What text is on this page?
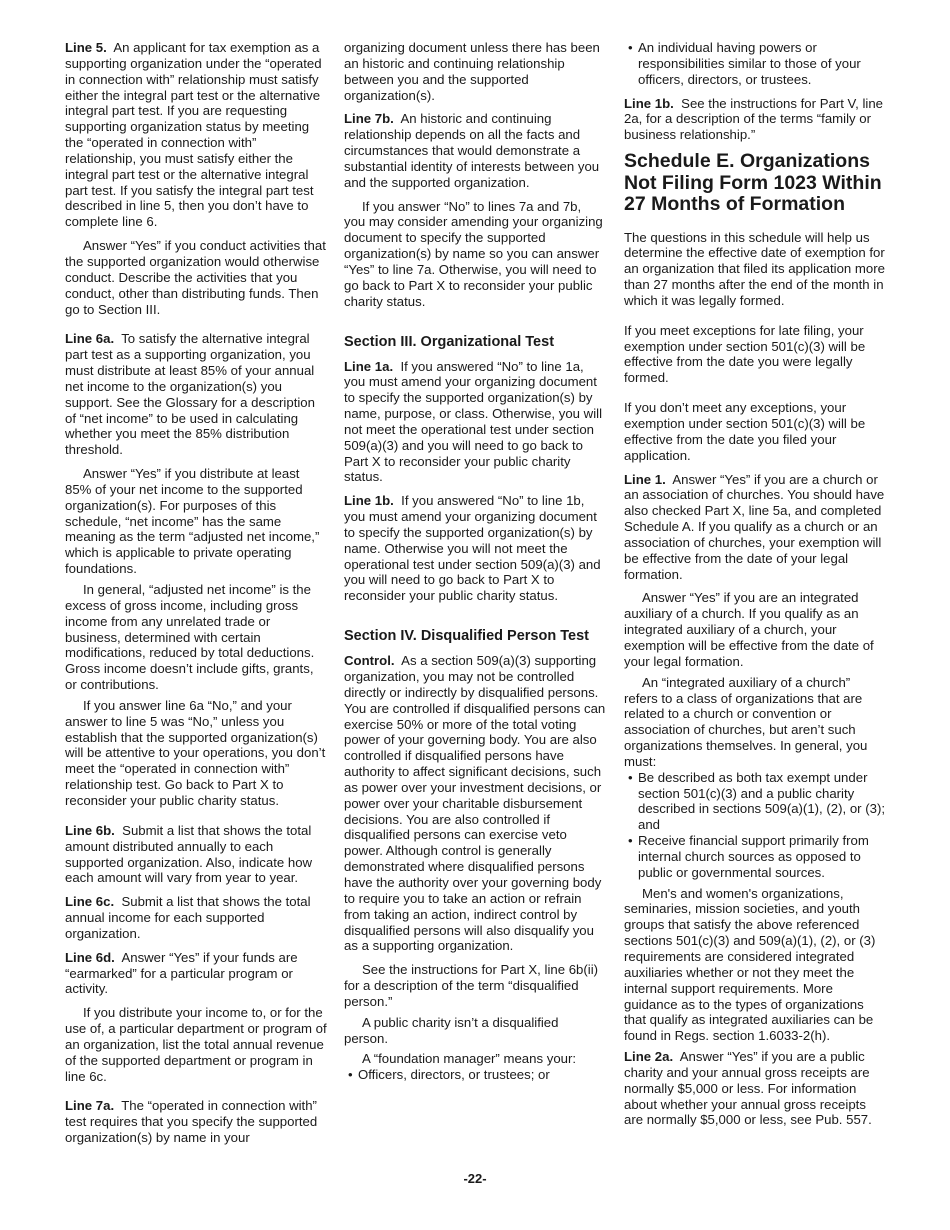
Line 5. An applicant for tax exemption as a supporting organization under the “operated in connection with” relationship must satisfy either the integral part test or the alternative integral part test. If you are requesting supporting organization status by meeting the “operated in connection with” relationship, you must satisfy either the integral part test or the alternative integral part test. If you satisfy the integral part test described in line 5, then you don’t have to complete line 6.

Answer “Yes” if you conduct activities that the supported organization would otherwise conduct. Describe the activities that you conduct, other than distributing funds. Then go to Section III.

Line 6a. To satisfy the alternative integral part test as a supporting organization, you must distribute at least 85% of your annual net income to the organization(s) you support. See the Glossary for a description of “net income” to be used in calculating whether you meet the 85% distribution threshold.

Answer “Yes” if you distribute at least 85% of your net income to the supported organization(s). For purposes of this schedule, “net income” has the same meaning as the term “adjusted net income,” which is applicable to private operating foundations.

In general, “adjusted net income” is the excess of gross income, including gross income from any unrelated trade or business, determined with certain modifications, reduced by total deductions. Gross income doesn’t include gifts, grants, or contributions.

If you answer line 6a “No,” and your answer to line 5 was “No,” unless you establish that the supported organization(s) will be attentive to your operations, you don’t meet the “operated in connection with” relationship test. Go back to Part X to reconsider your public charity status.

Line 6b. Submit a list that shows the total amount distributed annually to each supported organization. Also, indicate how each amount will vary from year to year.

Line 6c. Submit a list that shows the total annual income for each supported organization.

Line 6d. Answer “Yes” if your funds are “earmarked” for a particular program or activity.

If you distribute your income to, or for the use of, a particular department or program of an organization, list the total annual revenue of the supported department or program in line 6c.

Line 7a. The “operated in connection with” test requires that you specify the supported organization(s) by name in your

organizing document unless there has been an historic and continuing relationship between you and the supported organization(s).

Line 7b. An historic and continuing relationship depends on all the facts and circumstances that would demonstrate a substantial identity of interests between you and the supported organization.

If you answer “No” to lines 7a and 7b, you may consider amending your organizing document to specify the supported organization(s) by name so you can answer “Yes” to line 7a. Otherwise, you will need to go back to Part X to reconsider your public charity status.

Section III. Organizational Test

Line 1a. If you answered “No” to line 1a, you must amend your organizing document to specify the supported organization(s) by name, purpose, or class. Otherwise, you will not meet the operational test under section 509(a)(3) and you will need to go back to Part X to reconsider your public charity status.

Line 1b. If you answered “No” to line 1b, you must amend your organizing document to specify the supported organization(s) by name. Otherwise you will not meet the operational test under section 509(a)(3) and you will need to go back to Part X to reconsider your public charity status.

Section IV. Disqualified Person Test

Control. As a section 509(a)(3) supporting organization, you may not be controlled directly or indirectly by disqualified persons. You are controlled if disqualified persons can exercise 50% or more of the total voting power of your governing body. You are also controlled if disqualified persons have authority to affect significant decisions, such as power over your investment decisions, or power over your charitable disbursement decisions. You are also controlled if disqualified persons can exercise veto power. Although control is generally demonstrated where disqualified persons have the authority over your governing body to require you to take an action or refrain from taking an action, indirect control by disqualified persons will also disqualify you as a supporting organization.

See the instructions for Part X, line 6b(ii) for a description of the term “disqualified person.”

A public charity isn’t a disqualified person.

A “foundation manager” means your:

• Officers, directors, or trustees; or

• An individual having powers or responsibilities similar to those of your officers, directors, or trustees.

Line 1b. See the instructions for Part V, line 2a, for a description of the terms “family or business relationship.”

Schedule E. Organizations Not Filing Form 1023 Within 27 Months of Formation

The questions in this schedule will help us determine the effective date of exemption for an organization that filed its application more than 27 months after the end of the month in which it was legally formed.

If you meet exceptions for late filing, your exemption under section 501(c)(3) will be effective from the date you were legally formed.

If you don’t meet any exceptions, your exemption under section 501(c)(3) will be effective from the date you filed your application.

Line 1. Answer “Yes” if you are a church or an association of churches. You should have also checked Part X, line 5a, and completed Schedule A. If you qualify as a church or an association of churches, your exemption will be effective from the date of your legal formation.

Answer “Yes” if you are an integrated auxiliary of a church. If you qualify as an integrated auxiliary of a church, your exemption will be effective from the date of your legal formation.

An “integrated auxiliary of a church” refers to a class of organizations that are related to a church or convention or association of churches, but aren’t such organizations themselves. In general, you must:

• Be described as both tax exempt under section 501(c)(3) and a public charity described in sections 509(a)(1), (2), or (3); and

• Receive financial support primarily from internal church sources as opposed to public or governmental sources.

Men's and women's organizations, seminaries, mission societies, and youth groups that satisfy the above referenced sections 501(c)(3) and 509(a)(1), (2), or (3) requirements are considered integrated auxiliaries whether or not they meet the internal support requirements. More guidance as to the types of organizations that qualify as integrated auxiliaries can be found in Regs. section 1.6033-2(h).

Line 2a. Answer “Yes” if you are a public charity and your annual gross receipts are normally $5,000 or less. For information about whether your annual gross receipts are normally $5,000 or less, see Pub. 557.

-22-
